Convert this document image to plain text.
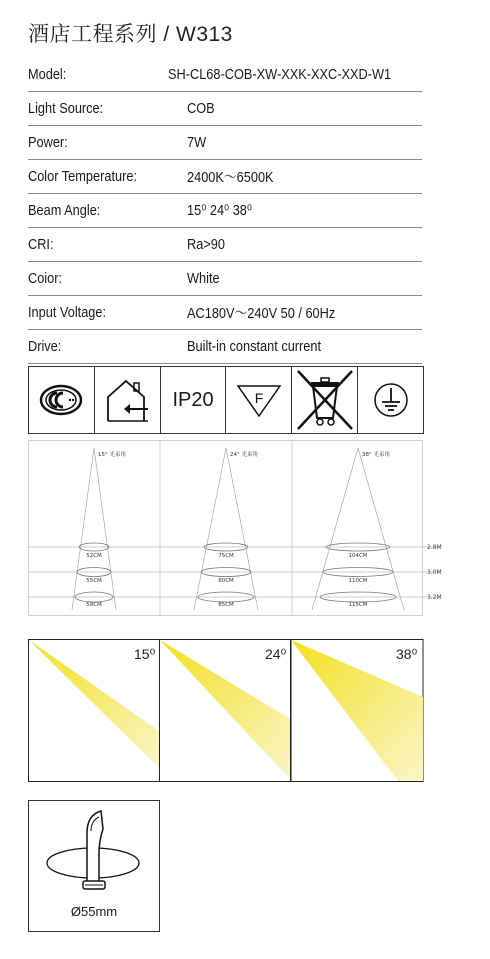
酒店工程系列 / W313
Model:	SH-CL68-COB-XW-XXK-XXC-XXD-W1
Light Source:	COB
Power:	7W
Color Temperature:	2400K～6500K
Beam Angle:	15⁰ 24⁰ 38⁰
CRI:	Ra>90
Coior:	White
Input Voltage:	AC180V～240V 50 / 60Hz
Drive:	Built-in constant current
IP20	F
15° 光束角
52CM
55CM
58CM
24° 光束角
75CM
80CM
85CM
38° 光束角
104CM
110CM
115CM
2.8M
3.0M
3.2M
15⁰	24⁰	38⁰
Ø55mm
